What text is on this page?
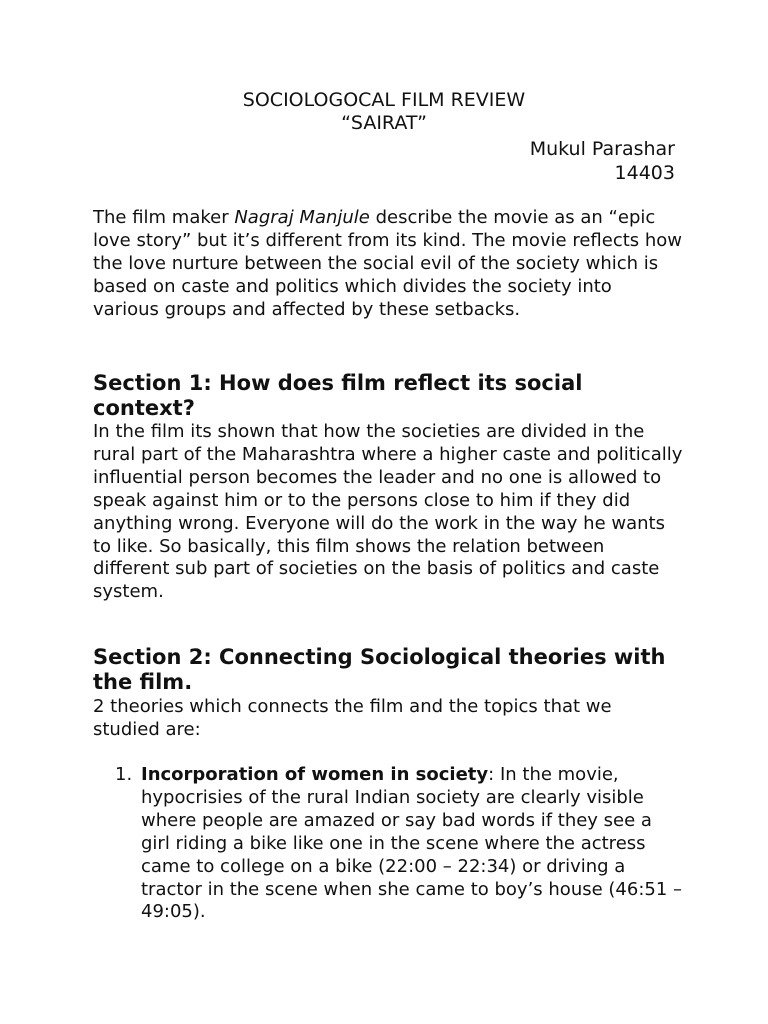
SOCIOLOGOCAL FILM REVIEW
“SAIRAT”
Mukul Parashar
14403
The film maker Nagraj Manjule describe the movie as an “epic love story” but it’s different from its kind. The movie reflects how the love nurture between the social evil of the society which is based on caste and politics which divides the society into various groups and affected by these setbacks.
Section 1: How does film reflect its social context?
In the film its shown that how the societies are divided in the rural part of the Maharashtra where a higher caste and politically influential person becomes the leader and no one is allowed to speak against him or to the persons close to him if they did anything wrong. Everyone will do the work in the way he wants to like. So basically, this film shows the relation between different sub part of societies on the basis of politics and caste system.
Section 2: Connecting Sociological theories with the film.
2 theories which connects the film and the topics that we studied are:
1. Incorporation of women in society: In the movie, hypocrisies of the rural Indian society are clearly visible where people are amazed or say bad words if they see a girl riding a bike like one in the scene where the actress came to college on a bike (22:00 – 22:34) or driving a tractor in the scene when she came to boy’s house (46:51 – 49:05).
